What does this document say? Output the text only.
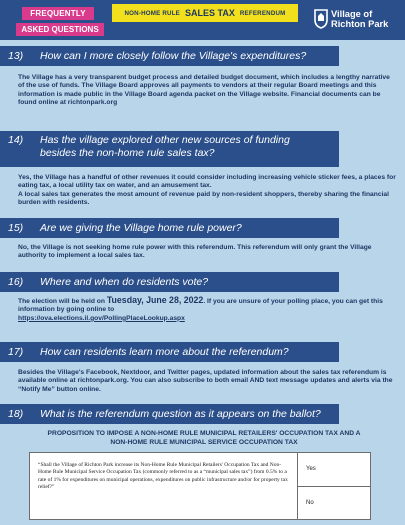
FREQUENTLY
ASKED QUESTIONS
NON-HOME RULE SALES TAX REFERENDUM	Village of
Richton Park
13)	How can I more closely follow the Village's expenditures?
The Village has a very transparent budget process and detailed budget document, which includes a lengthy narrative of the use of funds. The Village Board approves all payments to vendors at their regular Board meetings and this information is made public in the Village Board agenda packet on the Village website. Financial documents can be found online at richtonpark.org
14)	Has the village explored other new sources of funding
besides the non-home rule sales tax?
Yes, the Village has a handful of other revenues it could consider including increasing vehicle sticker fees, a places for eating tax, a local utility tax on water, and an amusement tax.
A local sales tax generates the most amount of revenue paid by non-resident shoppers, thereby sharing the financial burden with residents.
15)	Are we giving the Village home rule power?
No, the Village is not seeking home rule power with this referendum. This referendum will only grant the Village authority to implement a local sales tax.
16)	Where and when do residents vote?
The election will be held on Tuesday, June 28, 2022. If you are unsure of your polling place, you can get this information by going online to
https://ova.elections.il.gov/PollingPlaceLookup.aspx
17)	How can residents learn more about the referendum?
Besides the Village's Facebook, Nextdoor, and Twitter pages, updated information about the sales tax referendum is available online at richtonpark.org. You can also subscribe to both email AND text message updates and alerts via the “Notify Me” button online.
18)	What is the referendum question as it appears on the ballot?
PROPOSITION TO IMPOSE A NON-HOME RULE MUNICIPAL RETAILERS' OCCUPATION TAX AND A
NON-HOME RULE MUNICIPAL SERVICE OCCUPATION TAX
“Shall the Village of Richton Park increase its Non-Home Rule Municipal Retailers' Occupation Tax and Non-Home Rule Municipal Service Occupation Tax (commonly referred to as a “municipal sales tax”) from 0.5% to a rate of 1% for expenditures on municipal operations, expenditures on public infrastructure and/or for property tax relief?”
Yes
No
